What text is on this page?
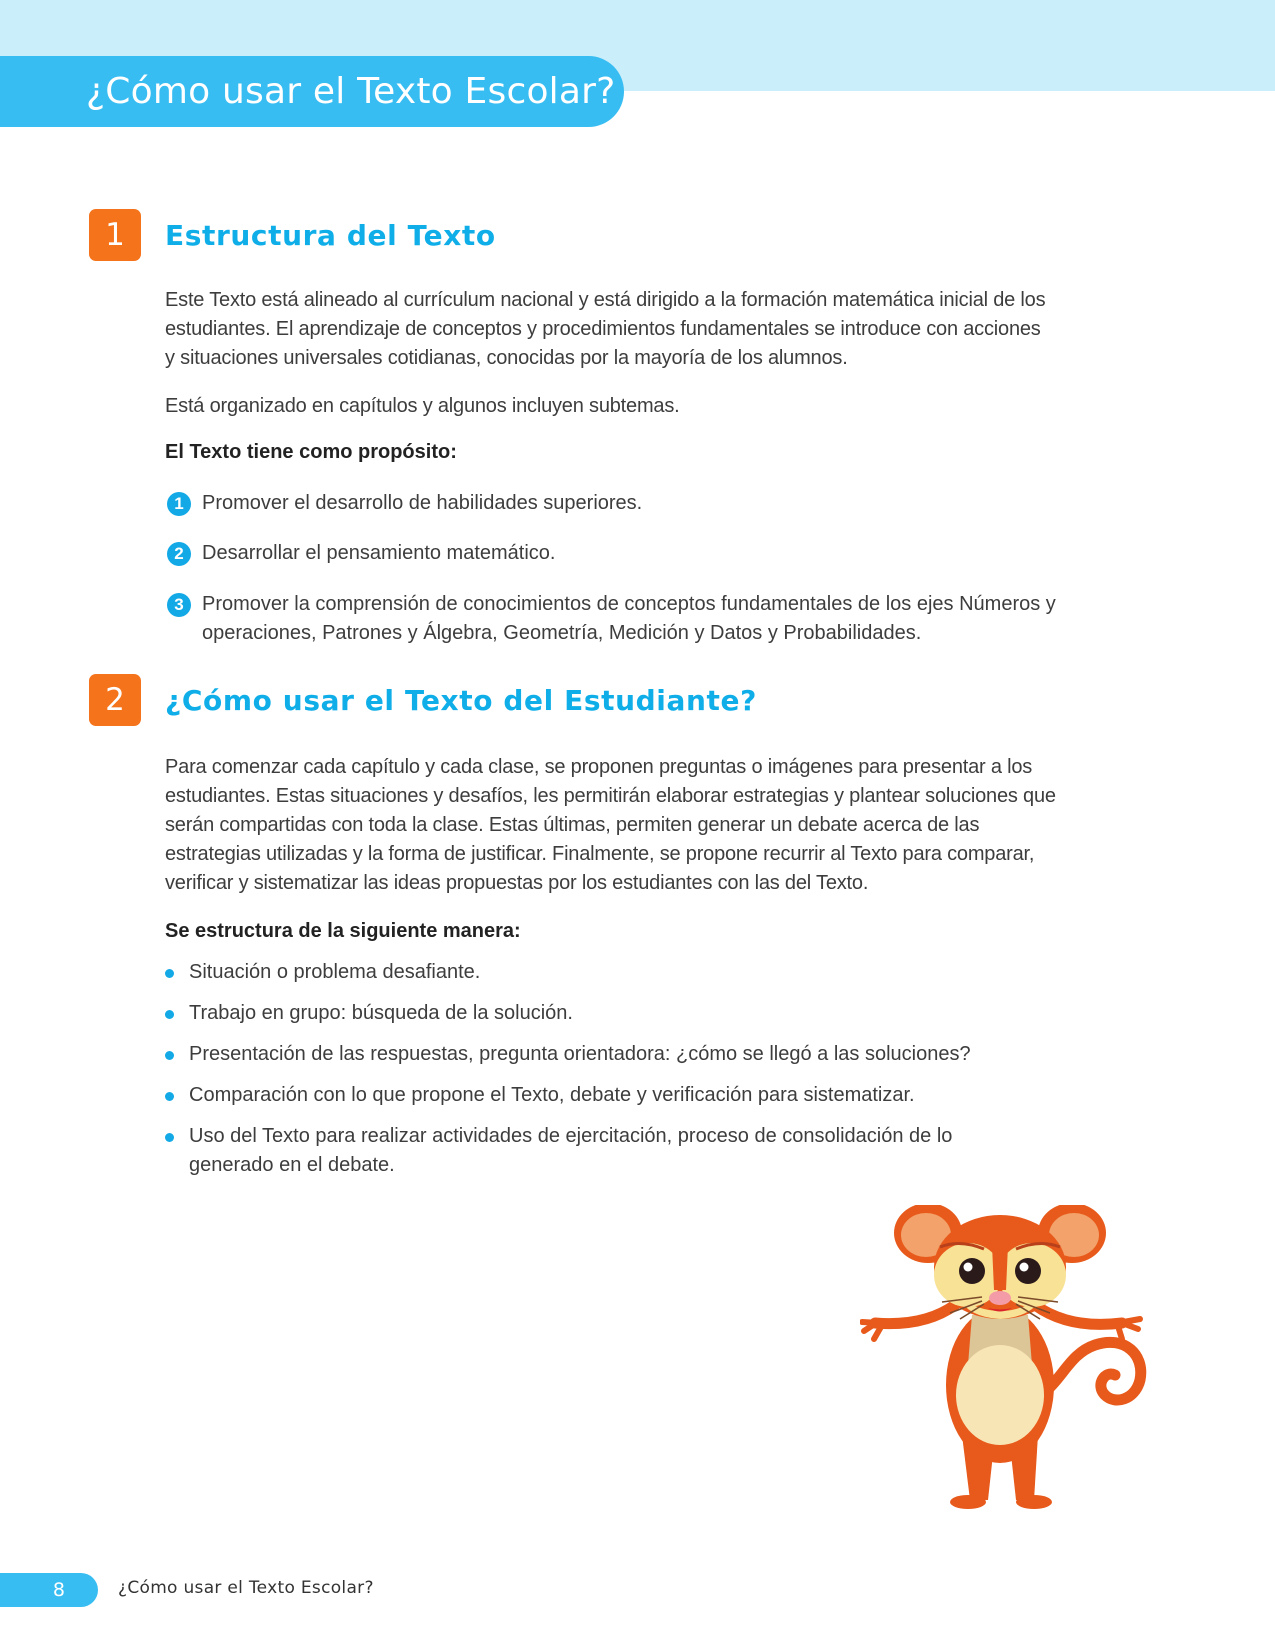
¿Cómo usar el Texto Escolar?
1	Estructura del Texto
Este Texto está alineado al currículum nacional y está dirigido a la formación matemática inicial de los estudiantes. El aprendizaje de conceptos y procedimientos fundamentales se introduce con acciones y situaciones universales cotidianas, conocidas por la mayoría de los alumnos.
Está organizado en capítulos y algunos incluyen subtemas.
El Texto tiene como propósito:
1 Promover el desarrollo de habilidades superiores.
2 Desarrollar el pensamiento matemático.
3 Promover la comprensión de conocimientos de conceptos fundamentales de los ejes Números y operaciones, Patrones y Álgebra, Geometría, Medición y Datos y Probabilidades.
2	¿Cómo usar el Texto del Estudiante?
Para comenzar cada capítulo y cada clase, se proponen preguntas o imágenes para presentar a los estudiantes. Estas situaciones y desafíos, les permitirán elaborar estrategias y plantear soluciones que serán compartidas con toda la clase. Estas últimas, permiten generar un debate acerca de las estrategias utilizadas y la forma de justificar. Finalmente, se propone recurrir al Texto para comparar, verificar y sistematizar las ideas propuestas por los estudiantes con las del Texto.
Se estructura de la siguiente manera:
Situación o problema desafiante.
Trabajo en grupo: búsqueda de la solución.
Presentación de las respuestas, pregunta orientadora: ¿cómo se llegó a las soluciones?
Comparación con lo que propone el Texto, debate y verificación para sistematizar.
Uso del Texto para realizar actividades de ejercitación, proceso de consolidación de lo generado en el debate.
8	¿Cómo usar el Texto Escolar?
